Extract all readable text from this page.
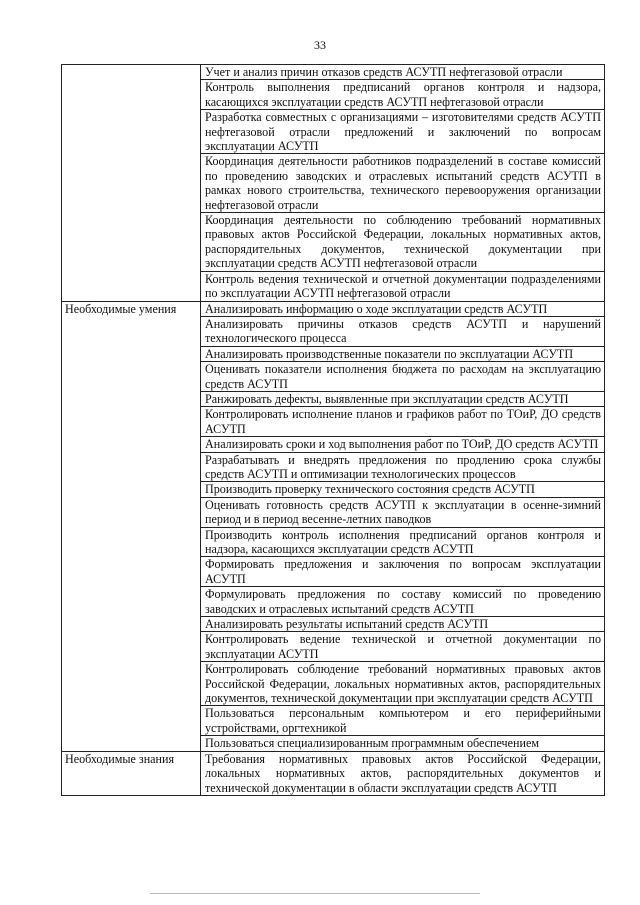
33
	Учет и анализ причин отказов средств АСУТП нефтегазовой отрасли
	Контроль выполнения предписаний органов контроля и надзора, касающихся эксплуатации средств АСУТП нефтегазовой отрасли
	Разработка совместных с организациями – изготовителями средств АСУТП нефтегазовой отрасли предложений и заключений по вопросам эксплуатации АСУТП
	Координация деятельности работников подразделений в составе комиссий по проведению заводских и отраслевых испытаний средств АСУТП в рамках нового строительства, технического перевооружения организации нефтегазовой отрасли
	Координация деятельности по соблюдению требований нормативных правовых актов Российской Федерации, локальных нормативных актов, распорядительных документов, технической документации при эксплуатации средств АСУТП нефтегазовой отрасли
	Контроль ведения технической и отчетной документации подразделениями по эксплуатации АСУТП нефтегазовой отрасли
Необходимые умения	Анализировать информацию о ходе эксплуатации средств АСУТП
	Анализировать причины отказов средств АСУТП и нарушений технологического процесса
	Анализировать производственные показатели по эксплуатации АСУТП
	Оценивать показатели исполнения бюджета по расходам на эксплуатацию средств АСУТП
	Ранжировать дефекты, выявленные при эксплуатации средств АСУТП
	Контролировать исполнение планов и графиков работ по ТОиР, ДО средств АСУТП
	Анализировать сроки и ход выполнения работ по ТОиР, ДО средств АСУТП
	Разрабатывать и внедрять предложения по продлению срока службы средств АСУТП и оптимизации технологических процессов
	Производить проверку технического состояния средств АСУТП
	Оценивать готовность средств АСУТП к эксплуатации в осенне-зимний период и в период весенне-летних паводков
	Производить контроль исполнения предписаний органов контроля и надзора, касающихся эксплуатации средств АСУТП
	Формировать предложения и заключения по вопросам эксплуатации АСУТП
	Формулировать предложения по составу комиссий по проведению заводских и отраслевых испытаний средств АСУТП
	Анализировать результаты испытаний средств АСУТП
	Контролировать ведение технической и отчетной документации по эксплуатации АСУТП
	Контролировать соблюдение требований нормативных правовых актов Российской Федерации, локальных нормативных актов, распорядительных документов, технической документации при эксплуатации средств АСУТП
	Пользоваться персональным компьютером и его периферийными устройствами, оргтехникой
	Пользоваться специализированным программным обеспечением
Необходимые знания	Требования нормативных правовых актов Российской Федерации, локальных нормативных актов, распорядительных документов и технической документации в области эксплуатации средств АСУТП
